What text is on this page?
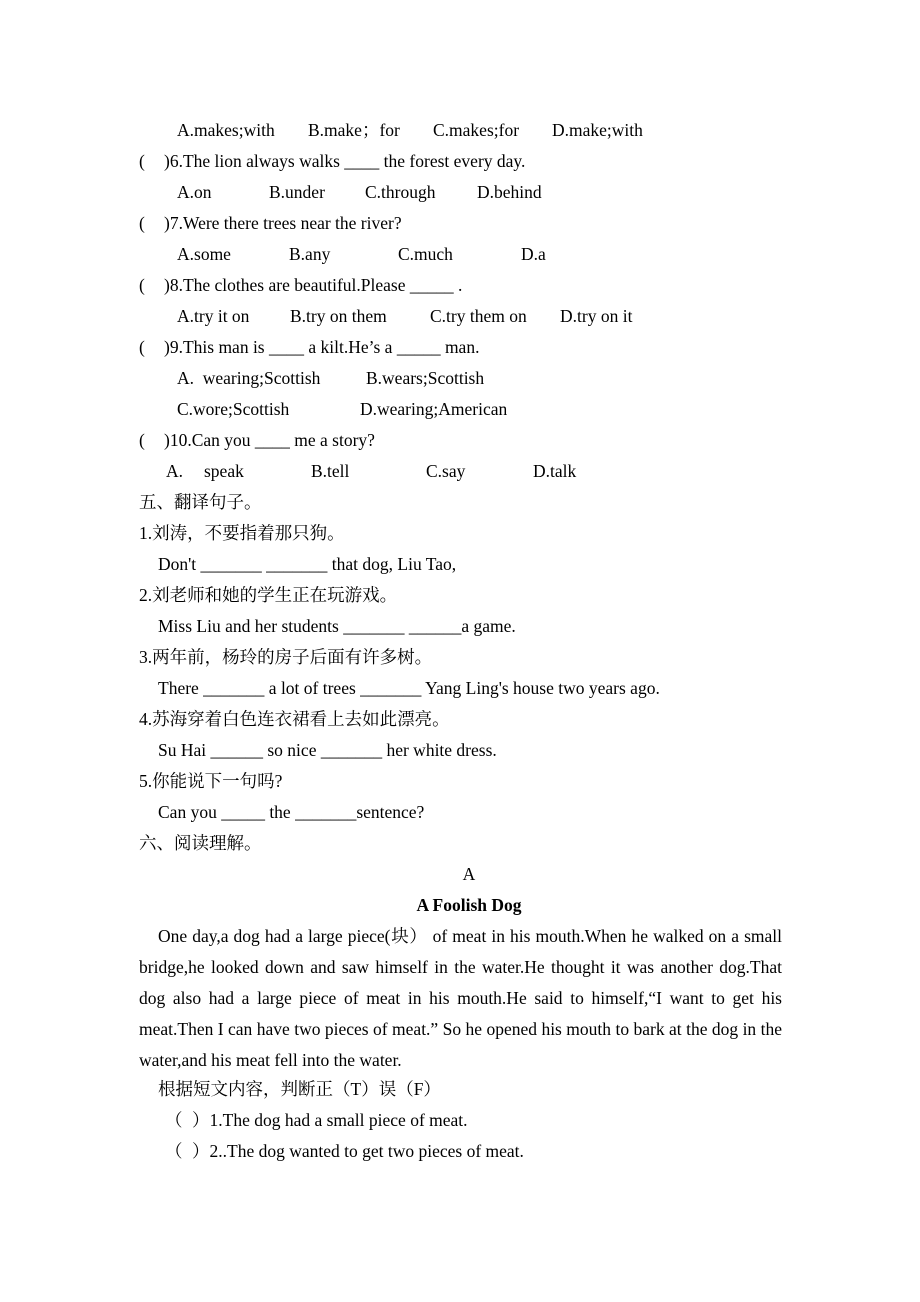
A.makes;with B.make；for C.makes;for D.make;with
( )6.The lion always walks ____ the forest every day.
A.on	B.under C.through D.behind
( )7.Were there trees near the river?
A.some	B.any	C.much	D.a
( )8.The clothes are beautiful.Please _____ .
A.try it on B.try on them C.try them on D.try on it
( )9.This man is ____ a kilt.He’s a _____ man.
A.  wearing;Scottish	B.wears;Scottish
C.wore;Scottish	D.wearing;American
( )10.Can you ____ me a story?
A. speak	B.tell	C.say	D.talk
五、翻译句子。
1.刘涛，不要指着那只狗。
Don't _______ _______ that dog, Liu Tao,
2.刘老师和她的学生正在玩游戏。
Miss Liu and her students _______ ______a game.
3.两年前，杨玲的房子后面有许多树。
There _______ a lot of trees _______ Yang Ling's house two years ago.
4.苏海穿着白色连衣裙看上去如此漂亮。
Su Hai ______ so nice _______ her white dress.
5.你能说下一句吗?
Can you _____ the _______sentence?
六、阅读理解。
A
A Foolish Dog
One day,a dog had a large piece(块） of meat in his mouth.When he walked on a small bridge,he looked down and saw himself in the water.He thought it was another dog.That dog also had a large piece of meat in his mouth.He said to himself,“I want to get his meat.Then I can have two pieces of meat.” So he opened his mouth to bark at the dog in the water,and his meat fell into the water.
根据短文内容，判断正（T）误（F）
（ ）1.The dog had a small piece of meat.
（ ）2..The dog wanted to get two pieces of meat.
